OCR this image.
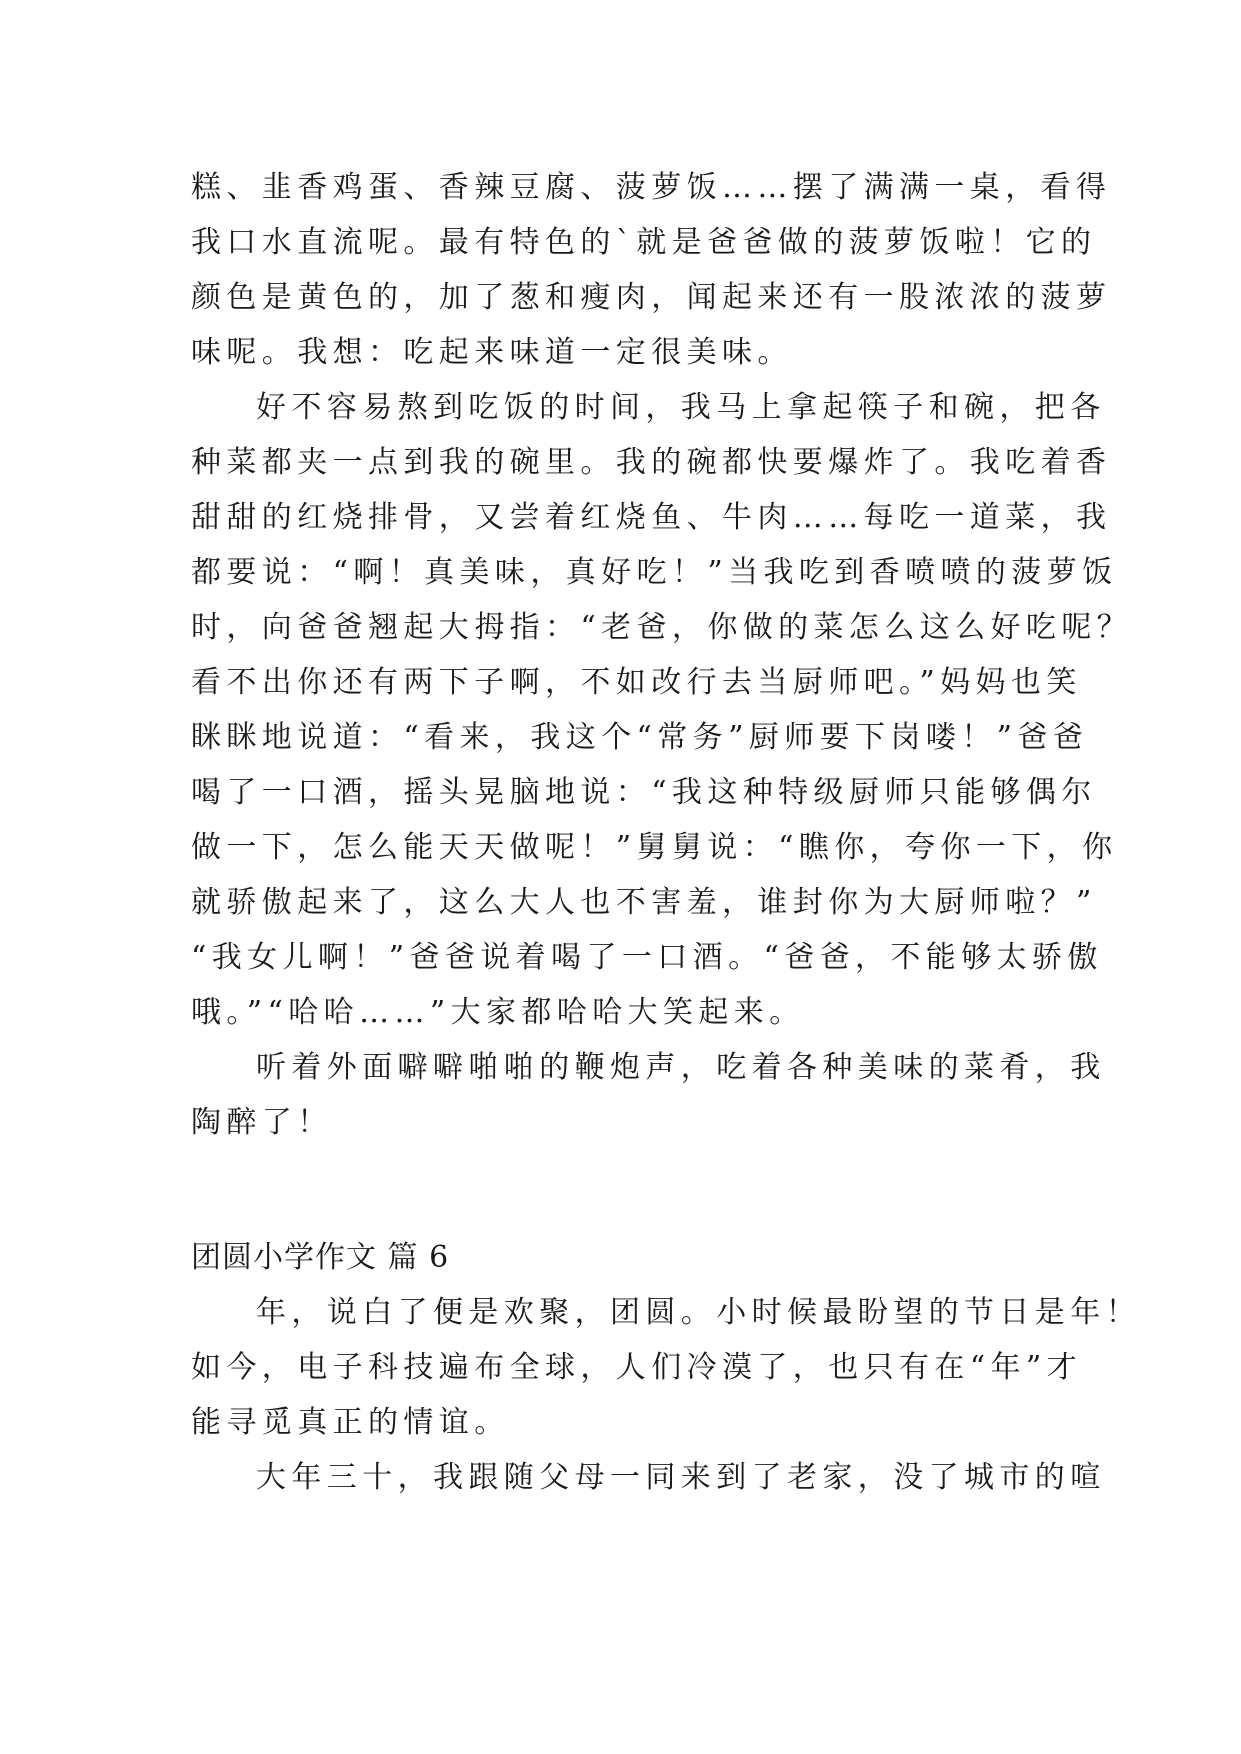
糕、韭香鸡蛋、香辣豆腐、菠萝饭……摆了满满一桌，看得
我口水直流呢。最有特色的`就是爸爸做的菠萝饭啦！它的
颜色是黄色的，加了葱和瘦肉，闻起来还有一股浓浓的菠萝
味呢。我想：吃起来味道一定很美味。
好不容易熬到吃饭的时间，我马上拿起筷子和碗，把各
种菜都夹一点到我的碗里。我的碗都快要爆炸了。我吃着香
甜甜的红烧排骨，又尝着红烧鱼、牛肉……每吃一道菜，我
都要说：“啊！真美味，真好吃！”当我吃到香喷喷的菠萝饭
时，向爸爸翘起大拇指：“老爸，你做的菜怎么这么好吃呢？
看不出你还有两下子啊，不如改行去当厨师吧。”妈妈也笑
眯眯地说道：“看来，我这个“常务”厨师要下岗喽！”爸爸
喝了一口酒，摇头晃脑地说：“我这种特级厨师只能够偶尔
做一下，怎么能天天做呢！”舅舅说：“瞧你，夸你一下，你
就骄傲起来了，这么大人也不害羞，谁封你为大厨师啦？”
“我女儿啊！”爸爸说着喝了一口酒。“爸爸，不能够太骄傲
哦。”“哈哈……”大家都哈哈大笑起来。
听着外面噼噼啪啪的鞭炮声，吃着各种美味的菜肴，我
陶醉了！
团圆小学作文 篇 6
年，说白了便是欢聚，团圆。小时候最盼望的节日是年！
如今，电子科技遍布全球，人们冷漠了，也只有在“年”才
能寻觅真正的情谊。
大年三十，我跟随父母一同来到了老家，没了城市的喧
